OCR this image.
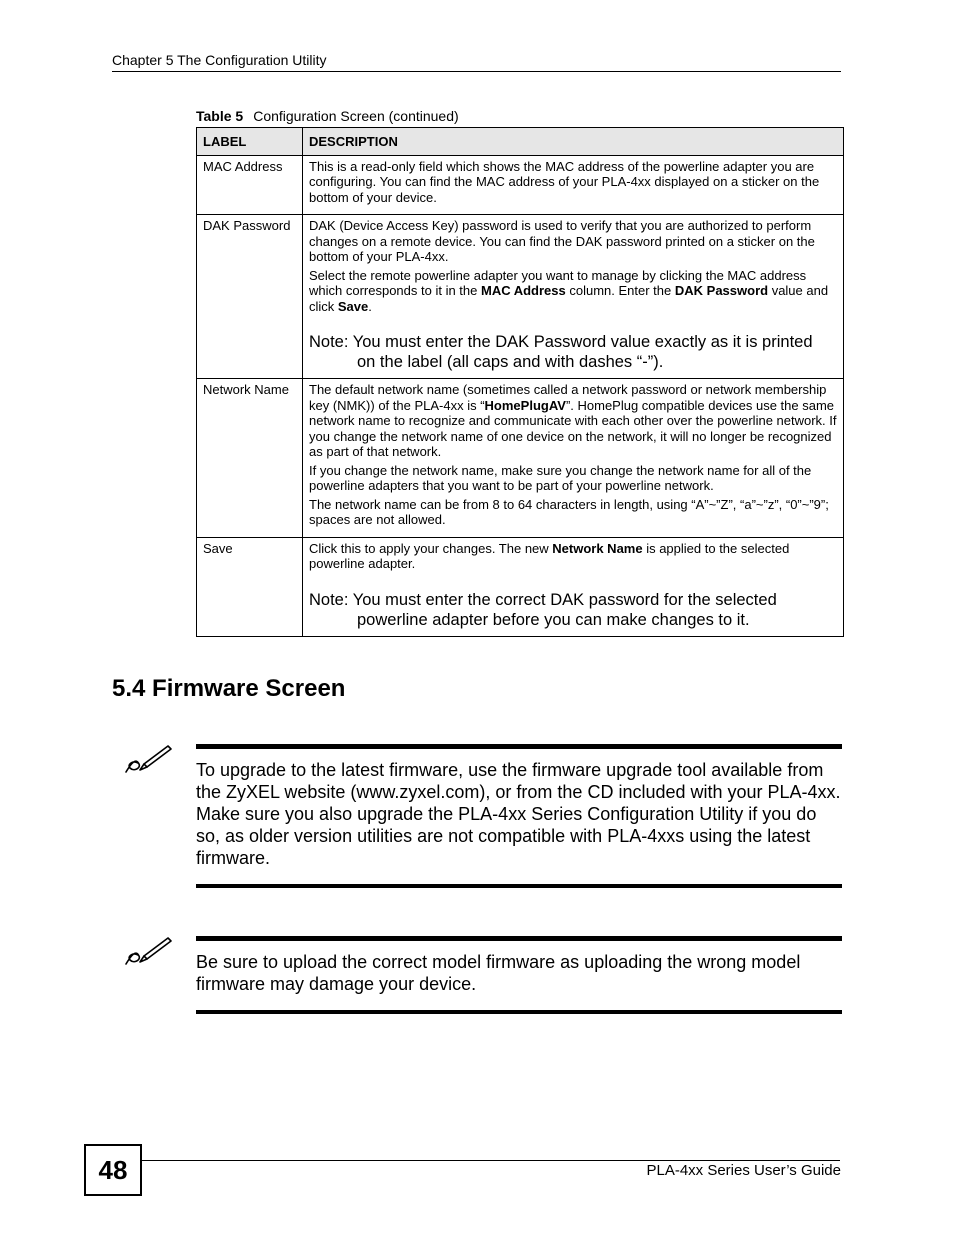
Chapter 5 The Configuration Utility
Table 5 Configuration Screen (continued)
LABEL	DESCRIPTION
MAC Address	This is a read-only field which shows the MAC address of the powerline adapter you are configuring. You can find the MAC address of your PLA-4xx displayed on a sticker on the bottom of your device.

DAK Password	DAK (Device Access Key) password is used to verify that you are authorized to perform changes on a remote device. You can find the DAK password printed on a sticker on the bottom of your PLA-4xx.

Select the remote powerline adapter you want to manage by clicking the MAC address which corresponds to it in the MAC Address column. Enter the DAK Password value and click Save.

Note: You must enter the DAK Password value exactly as it is printed
on the label (all caps and with dashes “-”).

Network Name	The default network name (sometimes called a network password or network membership key (NMK)) of the PLA-4xx is “HomePlugAV”. HomePlug compatible devices use the same network name to recognize and communicate with each other over the powerline network. If you change the network name of one device on the network, it will no longer be recognized as part of that network.

If you change the network name, make sure you change the network name for all of the powerline adapters that you want to be part of your powerline network.

The network name can be from 8 to 64 characters in length, using “A”~”Z”, “a”~”z”, “0”~”9”; spaces are not allowed.

Save	Click this to apply your changes. The new Network Name is applied to the selected powerline adapter.

Note: You must enter the correct DAK password for the selected
powerline adapter before you can make changes to it.
5.4 Firmware Screen
To upgrade to the latest firmware, use the firmware upgrade tool available from the ZyXEL website (www.zyxel.com), or from the CD included with your PLA-4xx. Make sure you also upgrade the PLA-4xx Series Configuration Utility if you do so, as older version utilities are not compatible with PLA-4xxs using the latest firmware.
Be sure to upload the correct model firmware as uploading the wrong model firmware may damage your device.
48	PLA-4xx Series User’s Guide
